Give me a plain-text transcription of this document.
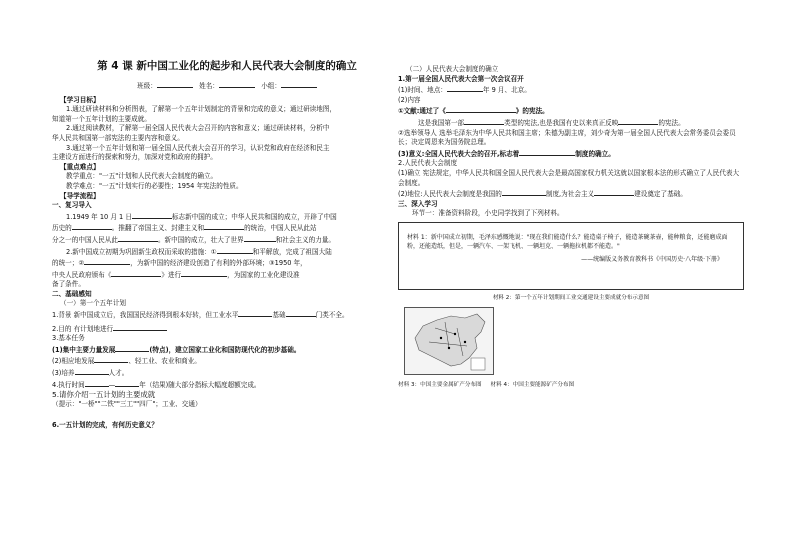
第 4 课 新中国工业化的起步和人民代表大会制度的确立
班级：	姓名：	小组：
【学习目标】
1.通过研读材料和分析图表，了解第一个五年计划制定的背景和完成的意义；通过研读地图，
知道第一个五年计划的主要成就。
2.通过阅读教材，了解第一届全国人民代表大会召开的内容和意义；通过研读材料，分析中
华人民共和国第一部宪法的主要内容和意义。
3.通过第一个五年计划和第一届全国人民代表大会召开的学习，认识党和政府在经济和民主
主建设方面进行的探索和努力，加深对党和政府的拥护。
【重点难点】
教学重点："一五"计划和人民代表大会制度的确立。
教学难点："一五"计划实行的必要性；1954 年宪法的性质。
【导学流程】
一、复习导入
1.1949 年 10 月 1 日	标志新中国的成立；中华人民共和国的成立，开辟了中国
历史的	。推翻了帝国主义、封建主义和	的统治，中国人民从此站
分之一的中国人民从此	。新中国的成立，壮大了世界	和社会主义的力量。
2.新中国成立初期为巩固新生政权而采取的措施：①	和平解放，完成了祖国大陆
的统一；②	，为新中国的经济建设创造了有利的外部环境；③1950 年，
中央人民政府颁布《	》进行	，为国家的工业化建设准
备了条件。
二、基础感知
（一）第一个五年计划
1.背景 新中国成立后，我国国民经济得到根本好转，但工业水平	基础	门类不全。
2.目的 有计划地进行
3.基本任务
(1)集中主要力量发展	(特点)，建立国家工业化和国防现代化的初步基础。
(2)相应地发展	、轻工业、农业和商业。
(3)培养	人才。
4.执行时间	—	年（结果)随大部分指标大幅度超额完成。
5.请你介绍一五计划的主要成就
（提示："一桥""二铁""三工""四厂"；工业、交通）
（二）人民代表大会制度的确立
1.第一届全国人民代表大会第一次会议召开
(1)时间、地点：	年 9 月、北京。
(2)内容
①文献:通过了《	》的宪法。
这是我国第一部	类型的宪法,也是我国有史以来真正反映	的宪法。
②选举领导人 选举毛泽东为中华人民共和国主席；朱德为副主席，刘少奇为第一届全国人民代表大会常务委员会委员长；决定周恩来为国务院总理。
(3)意义:全国人民代表大会的召开,标志着	制度的确立。
2.人民代表大会制度
(1)确立 宪法规定，中华人民共和国全国人民代表大会是最高国家权力机关这就以国家根本法的形式确立了人民代表大会制度。
(2)地位:人民代表大会制度是我国的	制度,为社会主义	建设奠定了基础。
三、深入学习
环节一：准备资料阶段，小史同学找到了下列材料。
材料 1：新中国成立初期，毛泽东感慨地说："现在我们能造什么？能造桌子椅子，能造茶碗茶壶，能种粮食，还能磨成面粉，还能造纸，但是，一辆汽车、一架飞机、一辆坦克、一辆拖拉机都不能造。"
——统编版义务教育教科书《中国历史·八年级·下册》
材料 2：第一个五年计划期间工业交通建设主要成就分布示意图
材料 3：中国主要金属矿产分布图 材料 4：中国主要能源矿产分布图
6.一五计划的完成，有何历史意义？
